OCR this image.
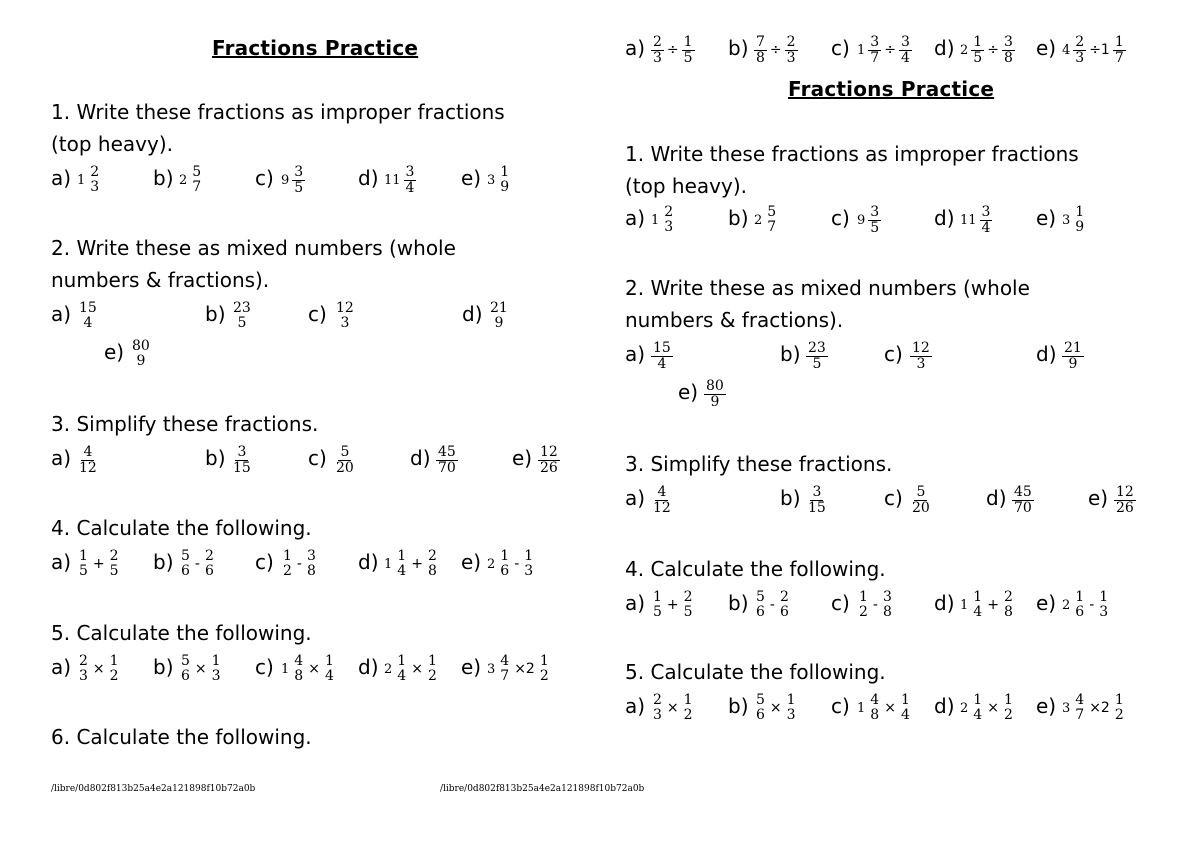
Fractions Practice
1. Write these fractions as improper fractions
(top heavy).
a) 1 2
3	b) 2 5
7	c) $9 \frac{3}{5}$	d) $11 \frac{3}{4} e$) 3 1
9
2. Write these as mixed numbers (whole
numbers & fractions).
a) 15
4	b) 23
5	c) 12
3	d) 21
9
e) 80
9
3. Simplify these fractions.
$a) \frac{4}{12}$	$b) \frac{3}{15}$	$c) \frac{5}{20}$	$d) \frac{45}{70}$	$e) \frac{12}{26}$
4. Calculate the following.
a) 1
5 + 2
5 b) 5
6 - 2
6 c) 1
2 - 3
8 d) 1 1
4 + 2
8 e) 2 1
6 - 1
3
5. Calculate the following.
a) 2
3 × 1
2 b) 5
6 × 1
3 c) 1 4
8 × 1
4 d) 2 1
4 × 1
2 e) 3 4
7 ×2 1
2
6. Calculate the following.
/libre/0d802f813b25a4e2a121898f10b72a0b
$a) \frac{2}{3} \div \frac{1}{5} b) \frac{7}{8} \div \frac{2}{3} c$) $1 \frac{3}{7} \div \frac{3}{4} d$) $2 \frac{1}{5} \div \frac{3}{8} e$) $4 \frac{2}{3} \div 1 \frac{1}{7}$
Fractions Practice
1. Write these fractions as improper fractions
(top heavy).
a) 1 2
3	b) 2 5
7	c) $9 \frac{3}{5}$	d) $11 \frac{3}{4} e$) 3 1
9
2. Write these as mixed numbers (whole
numbers & fractions).
$a) \frac{15}{4}$	$b) \frac{23}{5}$	$c) \frac{12}{3}$	$d) \frac{21}{9}$
$e) \frac{80}{9}$
3. Simplify these fractions.
$a) \frac{4}{12}$	$b) \frac{3}{15}$	$c) \frac{5}{20}$	$d) \frac{45}{70}$	$e) \frac{12}{26}$
4. Calculate the following.
a) 1
5 + 2
5 b) 5
6 - 2
6 c) 1
2 - 3
8 d) 1 1
4 + 2
8 e) 2 1
6 - 1
3
5. Calculate the following.
a) 2
3 × 1
2 b) 5
6 × 1
3 c) 1 4
8 × 1
4 d) 2 1
4 × 1
2 e) 3 4
7 ×2 1
2
/libre/0d802f813b25a4e2a121898f10b72a0b
